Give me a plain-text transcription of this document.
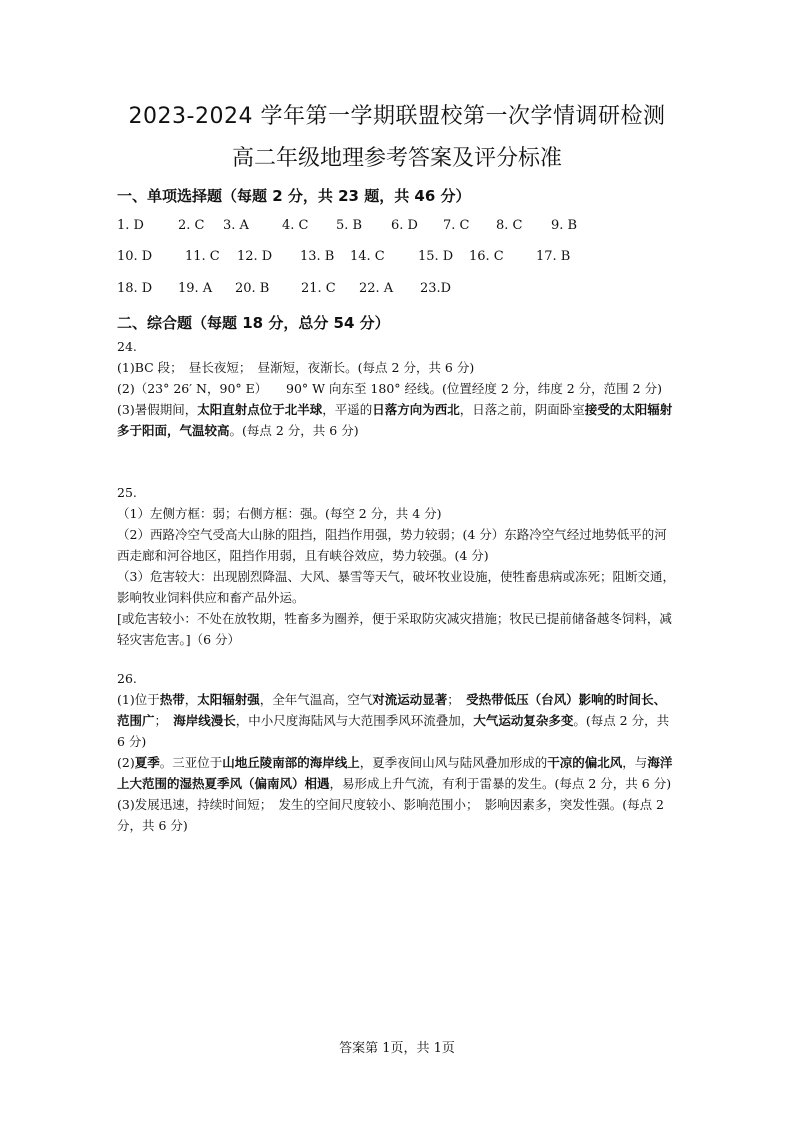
2023-2024 学年第一学期联盟校第一次学情调研检测
高二年级地理参考答案及评分标准
一、单项选择题（每题 2 分，共 23 题，共 46 分）
1. D	2. C 3. A	4. C 5. B 6. D 7. C 8. C 9. B
10. D	11. C 12. D 13. B 14. C	15. D 16. C 17. B
18. D 19. A 20. B 21. C 22. A 23.D
二、综合题（每题 18 分，总分 54 分）

24.

(1)BC 段；　昼长夜短；　昼渐短，夜渐长。(每点 2 分，共 6 分)

(2)（23° 26′ N，90° E）　　90° W 向东至 180° 经线。(位置经度 2 分，纬度 2 分，范围 2 分)

(3)暑假期间，太阳直射点位于北半球，平遥的日落方向为西北，日落之前，阴面卧室接受的太阳辐射多于阳面，气温较高。(每点 2 分，共 6 分)

25.

（1）左侧方框：弱；右侧方框：强。(每空 2 分，共 4 分)

（2）西路冷空气受高大山脉的阻挡，阻挡作用强，势力较弱；(4 分）东路冷空气经过地势低平的河西走廊和河谷地区，阻挡作用弱，且有峡谷效应，势力较强。(4 分)

（3）危害较大：出现剧烈降温、大风、暴雪等天气，破坏牧业设施，使牲畜患病或冻死；阻断交通，影响牧业饲料供应和畜产品外运。

[或危害较小：不处在放牧期，牲畜多为圈养，便于采取防灾减灾措施；牧民已提前储备越冬饲料，减轻灾害危害。]（6 分）

26.

(1)位于热带，太阳辐射强，全年气温高，空气对流运动显著；　受热带低压（台风）影响的时间长、范围广；　海岸线漫长，中小尺度海陆风与大范围季风环流叠加，大气运动复杂多变。(每点 2 分，共 6 分)

(2)夏季。三亚位于山地丘陵南部的海岸线上，夏季夜间山风与陆风叠加形成的干凉的偏北风，与海洋上大范围的湿热夏季风（偏南风）相遇，易形成上升气流，有利于雷暴的发生。(每点 2 分，共 6 分)

(3)发展迅速，持续时间短；　发生的空间尺度较小、影响范围小；　影响因素多，突发性强。(每点 2 分，共 6 分)

答案第 1页，共 1页
